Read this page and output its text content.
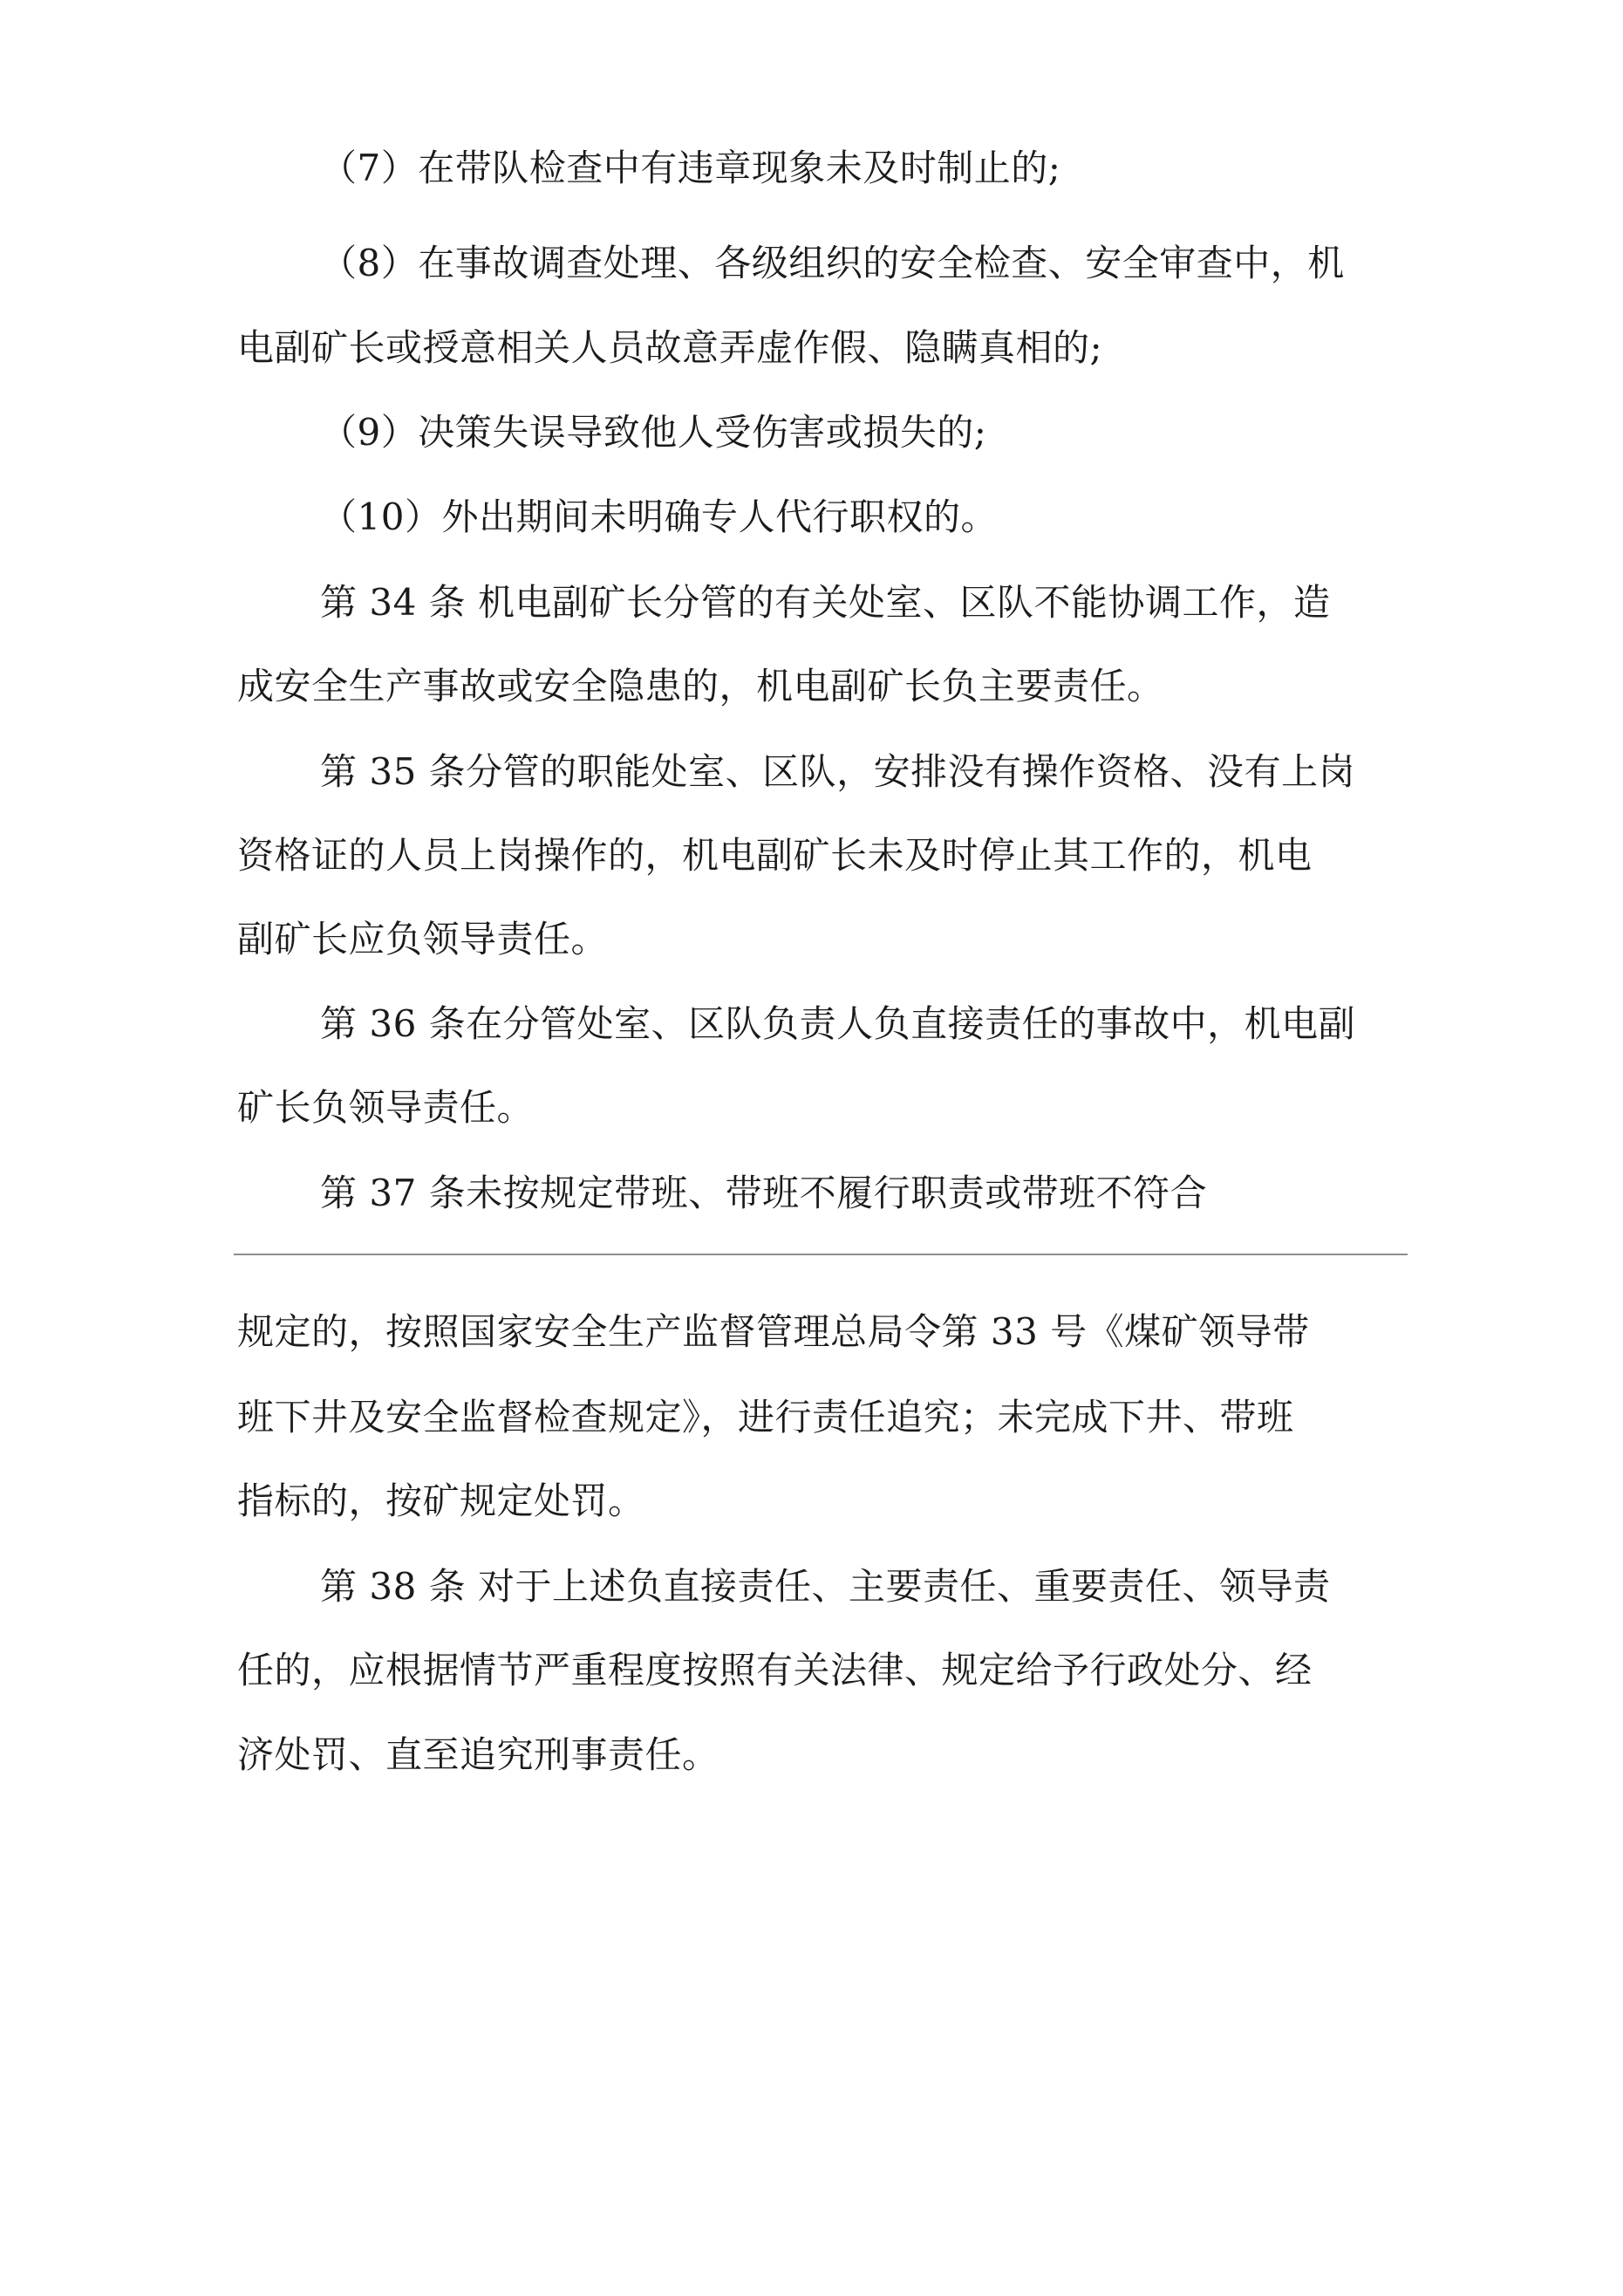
（7）在带队检查中有违章现象未及时制止的;
（8）在事故调查处理、各级组织的安全检查、安全审查中，机
电副矿长或授意相关人员故意弄虚作假、隐瞒真相的;
（9）决策失误导致他人受伤害或损失的;
（10）外出期间未明确专人代行职权的。
第 34 条 机电副矿长分管的有关处室、区队不能协调工作，造
成安全生产事故或安全隐患的，机电副矿长负主要责任。
第 35 条分管的职能处室、区队，安排没有操作资格、没有上岗
资格证的人员上岗操作的，机电副矿长未及时停止其工作的，机电
副矿长应负领导责任。
第 36 条在分管处室、区队负责人负直接责任的事故中，机电副
矿长负领导责任。
第 37 条未按规定带班、带班不履行职责或带班不符合
规定的，按照国家安全生产监督管理总局令第 33 号《煤矿领导带
班下井及安全监督检查规定》，进行责任追究；未完成下井、带班
指标的，按矿规定处罚。
第 38 条 对于上述负直接责任、主要责任、重要责任、领导责
任的，应根据情节严重程度按照有关法律、规定给予行政处分、经
济处罚、直至追究刑事责任。
